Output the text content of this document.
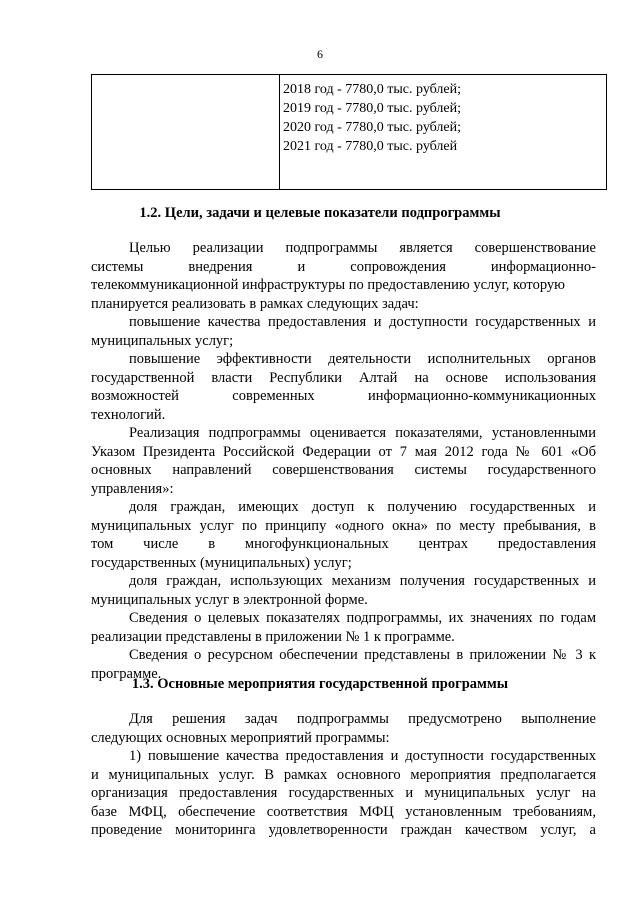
6

2018 год - 7780,0 тыс. рублей;
2019 год - 7780,0 тыс. рублей;
2020 год - 7780,0 тыс. рублей;
2021 год - 7780,0 тыс. рублей
1.2. Цели, задачи и целевые показатели подпрограммы

Целью реализации подпрограммы является совершенствование

системы внедрения и сопровождения информационно-

телекоммуникационной инфраструктуры по предоставлению услуг, которую

планируется реализовать в рамках следующих задач:

повышение качества предоставления и доступности государственных и

муниципальных услуг;

повышение эффективности деятельности исполнительных органов

государственной власти Республики Алтай на основе использования

возможностей современных информационно-коммуникационных

технологий.

Реализация подпрограммы оценивается показателями, установленными

Указом Президента Российской Федерации от 7 мая 2012 года № 601 «Об

основных направлений совершенствования системы государственного

управления»:

доля граждан, имеющих доступ к получению государственных и

муниципальных услуг по принципу «одного окна» по месту пребывания, в

том числе в многофункциональных центрах предоставления

государственных (муниципальных) услуг;

доля граждан, использующих механизм получения государственных и

муниципальных услуг в электронной форме.

Сведения о целевых показателях подпрограммы, их значениях по годам

реализации представлены в приложении № 1 к программе.

Сведения о ресурсном обеспечении представлены в приложении № 3 к

программе.

1.3. Основные мероприятия государственной программы

Для решения задач подпрограммы предусмотрено выполнение

следующих основных мероприятий программы:

1) повышение качества предоставления и доступности государственных

и муниципальных услуг. В рамках основного мероприятия предполагается

организация предоставления государственных и муниципальных услуг на

базе МФЦ, обеспечение соответствия МФЦ установленным требованиям,

проведение мониторинга удовлетворенности граждан качеством услуг, а
